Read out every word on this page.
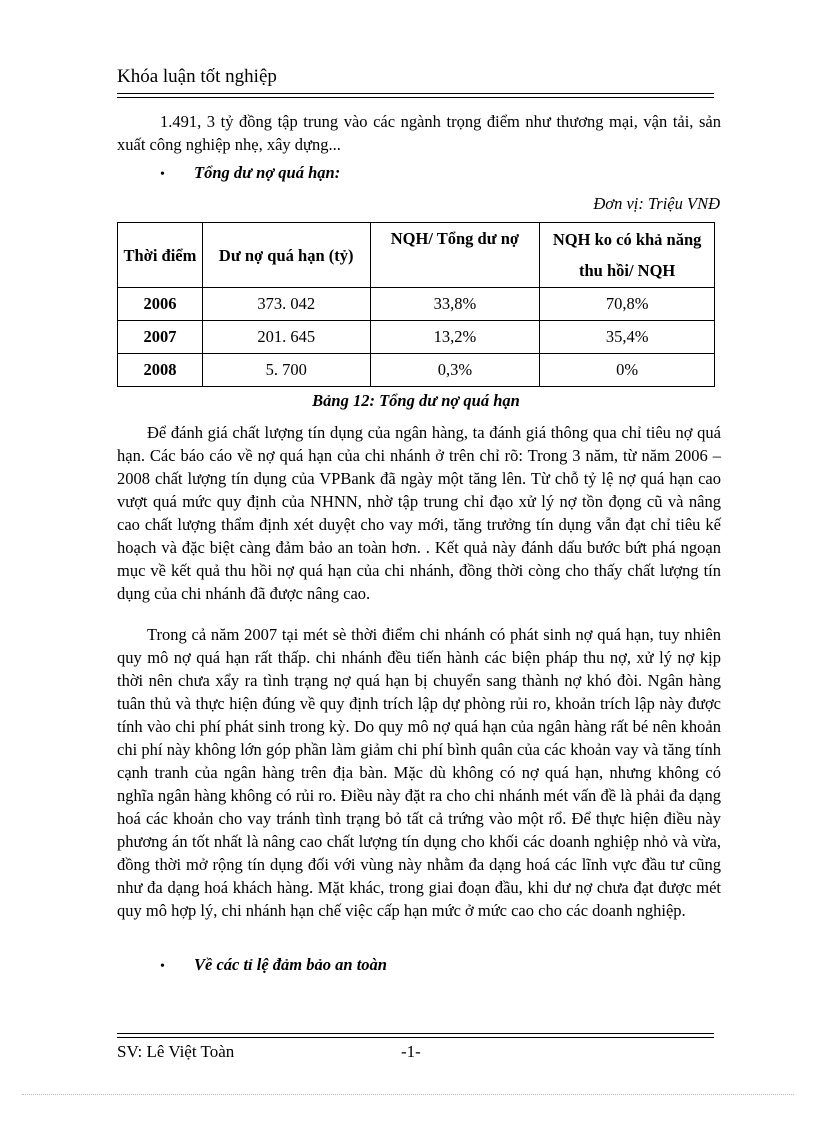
Khóa luận tốt nghiệp
1.491, 3 tỷ đồng tập trung vào các ngành trọng điểm như thương mại, vận tải, sản xuất công nghiệp nhẹ, xây dựng...
• Tổng dư nợ quá hạn:
Đơn vị: Triệu VNĐ
Thời điểm	Dư nợ quá hạn (tỷ)	NQH/ Tổng dư nợ	NQH ko có khả năng thu hồi/ NQH
2006	373. 042	33,8%	70,8%
2007	201. 645	13,2%	35,4%
2008	5. 700	0,3%	0%
Bảng 12: Tổng dư nợ quá hạn
Để đánh giá chất lượng tín dụng của ngân hàng, ta đánh giá thông qua chỉ tiêu nợ quá hạn. Các báo cáo về nợ quá hạn của chi nhánh ở trên chỉ rõ: Trong 3 năm, từ năm 2006 – 2008 chất lượng tín dụng của VPBank đã ngày một tăng lên. Từ chỗ tỷ lệ nợ quá hạn cao vượt quá mức quy định của NHNN, nhờ tập trung chỉ đạo xử lý nợ tồn đọng cũ và nâng cao chất lượng thẩm định xét duyệt cho vay mới, tăng trưởng tín dụng vẫn đạt chỉ tiêu kế hoạch và đặc biệt càng đảm bảo an toàn hơn. . Kết quả này đánh dấu bước bứt phá ngoạn mục về kết quả thu hồi nợ quá hạn của chi nhánh, đồng thời còng cho thấy chất lượng tín dụng của chi nhánh đã được nâng cao.
Trong cả năm 2007 tại mét sè thời điểm chi nhánh có phát sinh nợ quá hạn, tuy nhiên quy mô nợ quá hạn rất thấp. chi nhánh đều tiến hành các biện pháp thu nợ, xử lý nợ kịp thời nên chưa xẩy ra tình trạng nợ quá hạn bị chuyển sang thành nợ khó đòi. Ngân hàng tuân thủ và thực hiện đúng về quy định trích lập dự phòng rủi ro, khoản trích lập này được tính vào chi phí phát sinh trong kỳ. Do quy mô nợ quá hạn của ngân hàng rất bé nên khoản chi phí này không lớn góp phần làm giảm chi phí bình quân của các khoản vay và tăng tính cạnh tranh của ngân hàng trên địa bàn. Mặc dù không có nợ quá hạn, nhưng không có nghĩa ngân hàng không có rủi ro. Điều này đặt ra cho chi nhánh mét vấn đề là phải đa dạng hoá các khoản cho vay tránh tình trạng bỏ tất cả trứng vào một rổ. Để thực hiện điều này phương án tốt nhất là nâng cao chất lượng tín dụng cho khối các doanh nghiệp nhỏ và vừa, đồng thời mở rộng tín dụng đối với vùng này nhằm đa dạng hoá các lĩnh vực đầu tư cũng như đa dạng hoá khách hàng. Mặt khác, trong giai đoạn đầu, khi dư nợ chưa đạt được mét quy mô hợp lý, chi nhánh hạn chế việc cấp hạn mức ở mức cao cho các doanh nghiệp.
• Về các tỉ lệ đảm bảo an toàn
SV: Lê Việt Toàn	-1-
